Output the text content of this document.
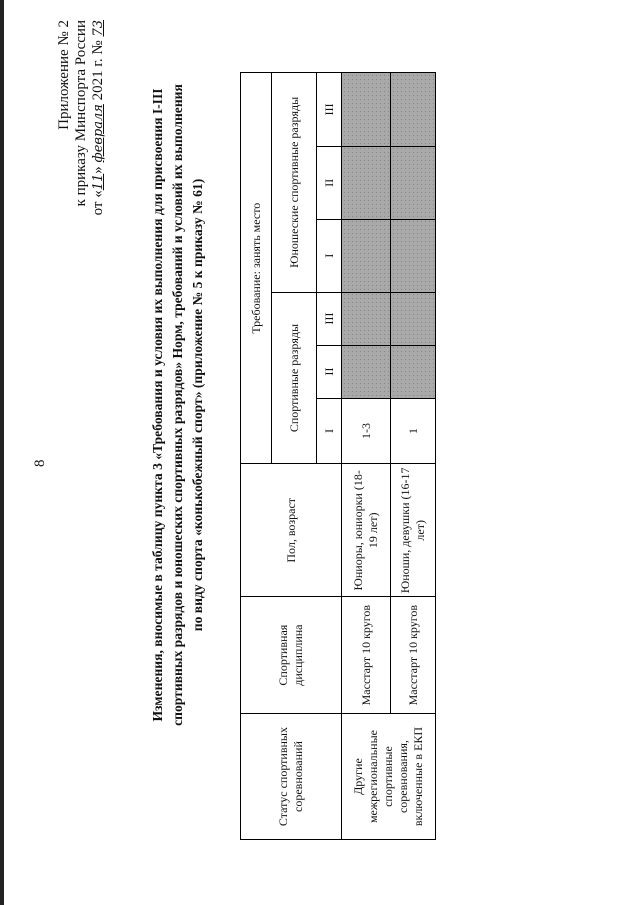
8
Приложение № 2 к приказу Минспорта России от «11» февраля 2021 г. № 73
Изменения, вносимые в таблицу пункта 3 «Требования и условия их выполнения для присвоения I-III спортивных разрядов и юношеских спортивных разрядов» Норм, требований и условий их выполнения по виду спорта «конькобежный спорт» (приложение № 5 к приказу № 61)
Статус спортивных соревнований	Спортивная дисциплина	Пол, возраст	Требование: занять место					
			Спортивные разряды			Юношеские спортивные разряды		
			I	II	III	I	II	III
Другие межрегиональные спортивные соревнования, включенные в ЕКП	Масстарт 10 кругов	Юниоры, юниорки (18-19 лет)	1-3					
	Масстарт 10 кругов	Юноши, девушки (16-17 лет)	1					
